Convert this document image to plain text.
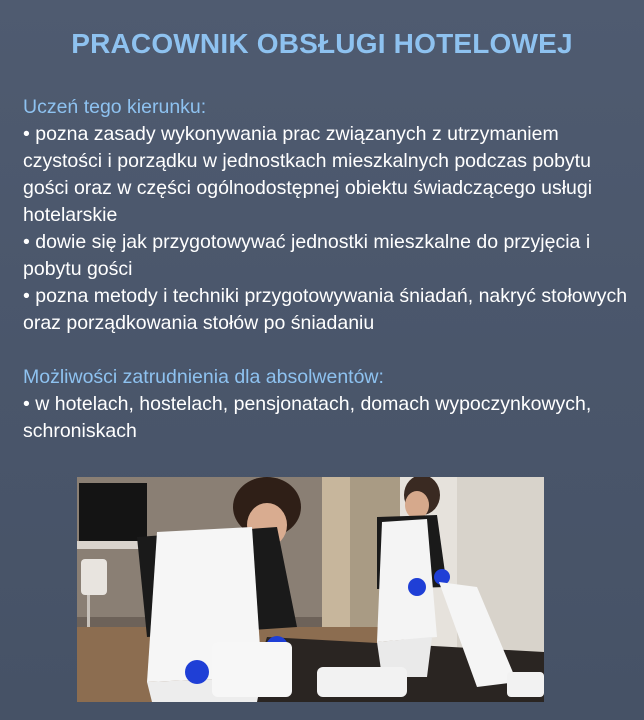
PRACOWNIK OBSŁUGI HOTELOWEJ
Uczeń tego kierunku:
• pozna zasady wykonywania prac związanych z utrzymaniem czystości i porządku w jednostkach mieszkalnych podczas pobytu gości oraz w części ogólnodostępnej obiektu świadczącego usługi hotelarskie
• dowie się jak przygotowywać jednostki mieszkalne do przyjęcia i pobytu gości
• pozna metody i techniki przygotowywania śniadań, nakryć stołowych oraz porządkowania stołów po śniadaniu
Możliwości zatrudnienia dla absolwentów:
• w hotelach, hostelach, pensjonatach, domach wypoczynkowych, schroniskach
